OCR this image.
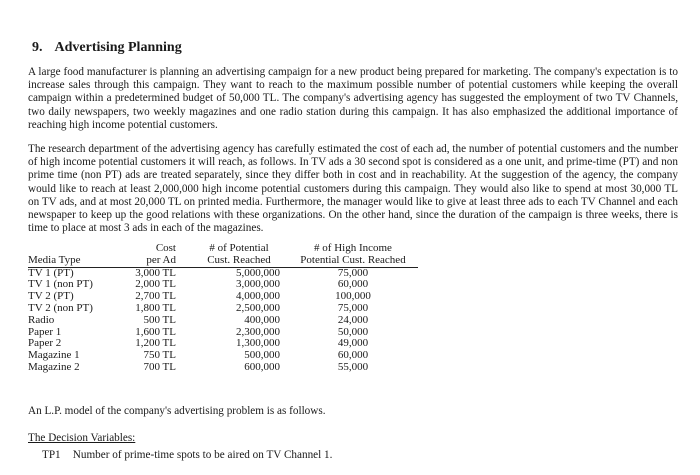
9. Advertising Planning

A large food manufacturer is planning an advertising campaign for a new product being prepared for marketing. The company's expectation is to increase sales through this campaign. They want to reach to the maximum possible number of potential customers while keeping the overall campaign within a predetermined budget of 50,000 TL. The company's advertising agency has suggested the employment of two TV Channels, two daily newspapers, two weekly magazines and one radio station during this campaign. It has also emphasized the additional importance of reaching high income potential customers.

The research department of the advertising agency has carefully estimated the cost of each ad, the number of potential customers and the number of high income potential customers it will reach, as follows. In TV ads a 30 second spot is considered as a one unit, and prime-time (PT) and non prime time (non PT) ads are treated separately, since they differ both in cost and in reachability. At the suggestion of the agency, the company would like to reach at least 2,000,000 high income potential customers during this campaign. They would also like to spend at most 30,000 TL on TV ads, and at most 20,000 TL on printed media. Furthermore, the manager would like to give at least three ads to each TV Channel and each newspaper to keep up the good relations with these organizations. On the other hand, since the duration of the campaign is three weeks, there is time to place at most 3 ads in each of the magazines.

	Cost	# of Potential	# of High Income
Media Type	per Ad	Cust. Reached	Potential Cust. Reached
TV 1 (PT)	3,000 TL	5,000,000	75,000
TV 1 (non PT)	2,000 TL	3,000,000	60,000
TV 2 (PT)	2,700 TL	4,000,000	100,000
TV 2 (non PT)	1,800 TL	2,500,000	75,000
Radio	500 TL	400,000	24,000
Paper 1	1,600 TL	2,300,000	50,000
Paper 2	1,200 TL	1,300,000	49,000
Magazine 1	750 TL	500,000	60,000
Magazine 2	700 TL	600,000	55,000

An L.P. model of the company's advertising problem is as follows.

The Decision Variables:

TP1 Number of prime-time spots to be aired on TV Channel 1.
